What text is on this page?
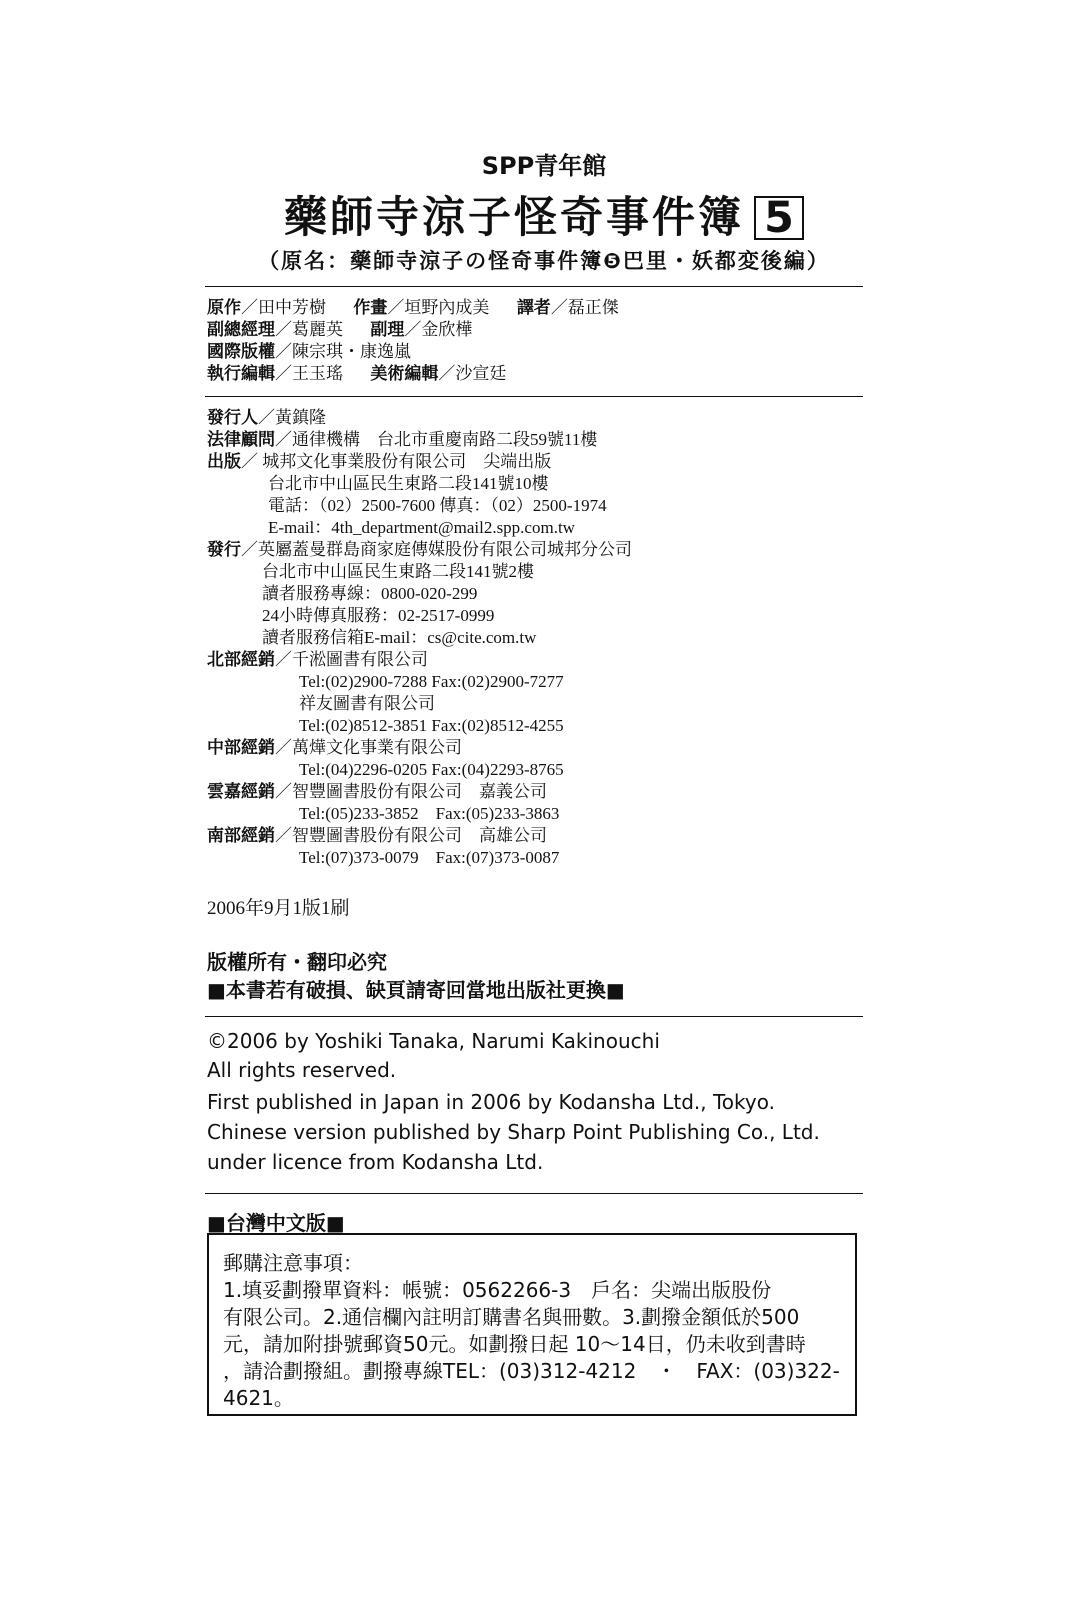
SPP青年館
藥師寺涼子怪奇事件簿 5
（原名：藥師寺涼子の怪奇事件簿❺巴里・妖都変後編）
原作／田中芳樹 作畫／垣野內成美 譯者／磊正傑
副總經理／葛麗英 副理／金欣樺
國際版權／陳宗琪・康逸嵐
執行編輯／王玉瑤 美術編輯／沙宣廷
發行人／黃鎮隆
法律顧問／通律機構　台北市重慶南路二段59號11樓
出版／ 城邦文化事業股份有限公司　尖端出版
台北市中山區民生東路二段141號10樓
電話：（02）2500-7600 傳真：（02）2500-1974
E-mail：4th_department@mail2.spp.com.tw
發行／英屬蓋曼群島商家庭傳媒股份有限公司城邦分公司
台北市中山區民生東路二段141號2樓
讀者服務專線：0800-020-299
24小時傳真服務：02-2517-0999
讀者服務信箱E-mail：cs@cite.com.tw
北部經銷／千淞圖書有限公司
Tel:(02)2900-7288 Fax:(02)2900-7277
祥友圖書有限公司
Tel:(02)8512-3851 Fax:(02)8512-4255
中部經銷／萬燁文化事業有限公司
Tel:(04)2296-0205 Fax:(04)2293-8765
雲嘉經銷／智豐圖書股份有限公司　嘉義公司
Tel:(05)233-3852　Fax:(05)233-3863
南部經銷／智豐圖書股份有限公司　高雄公司
Tel:(07)373-0079　Fax:(07)373-0087
2006年9月1版1刷
版權所有・翻印必究
■本書若有破損、缺頁請寄回當地出版社更換■
©2006 by Yoshiki Tanaka, Narumi Kakinouchi
All rights reserved.
First published in Japan in 2006 by Kodansha Ltd., Tokyo.
Chinese version published by Sharp Point Publishing Co., Ltd.
under licence from Kodansha Ltd.
■台灣中文版■
郵購注意事項：
1.填妥劃撥單資料：帳號：0562266-3　戶名：尖端出版股份
有限公司。2.通信欄內註明訂購書名與冊數。3.劃撥金額低於500
元，請加附掛號郵資50元。如劃撥日起 10～14日，仍未收到書時
，請洽劃撥組。劃撥專線TEL：(03)312-4212　・　FAX：(03)322-
4621。
